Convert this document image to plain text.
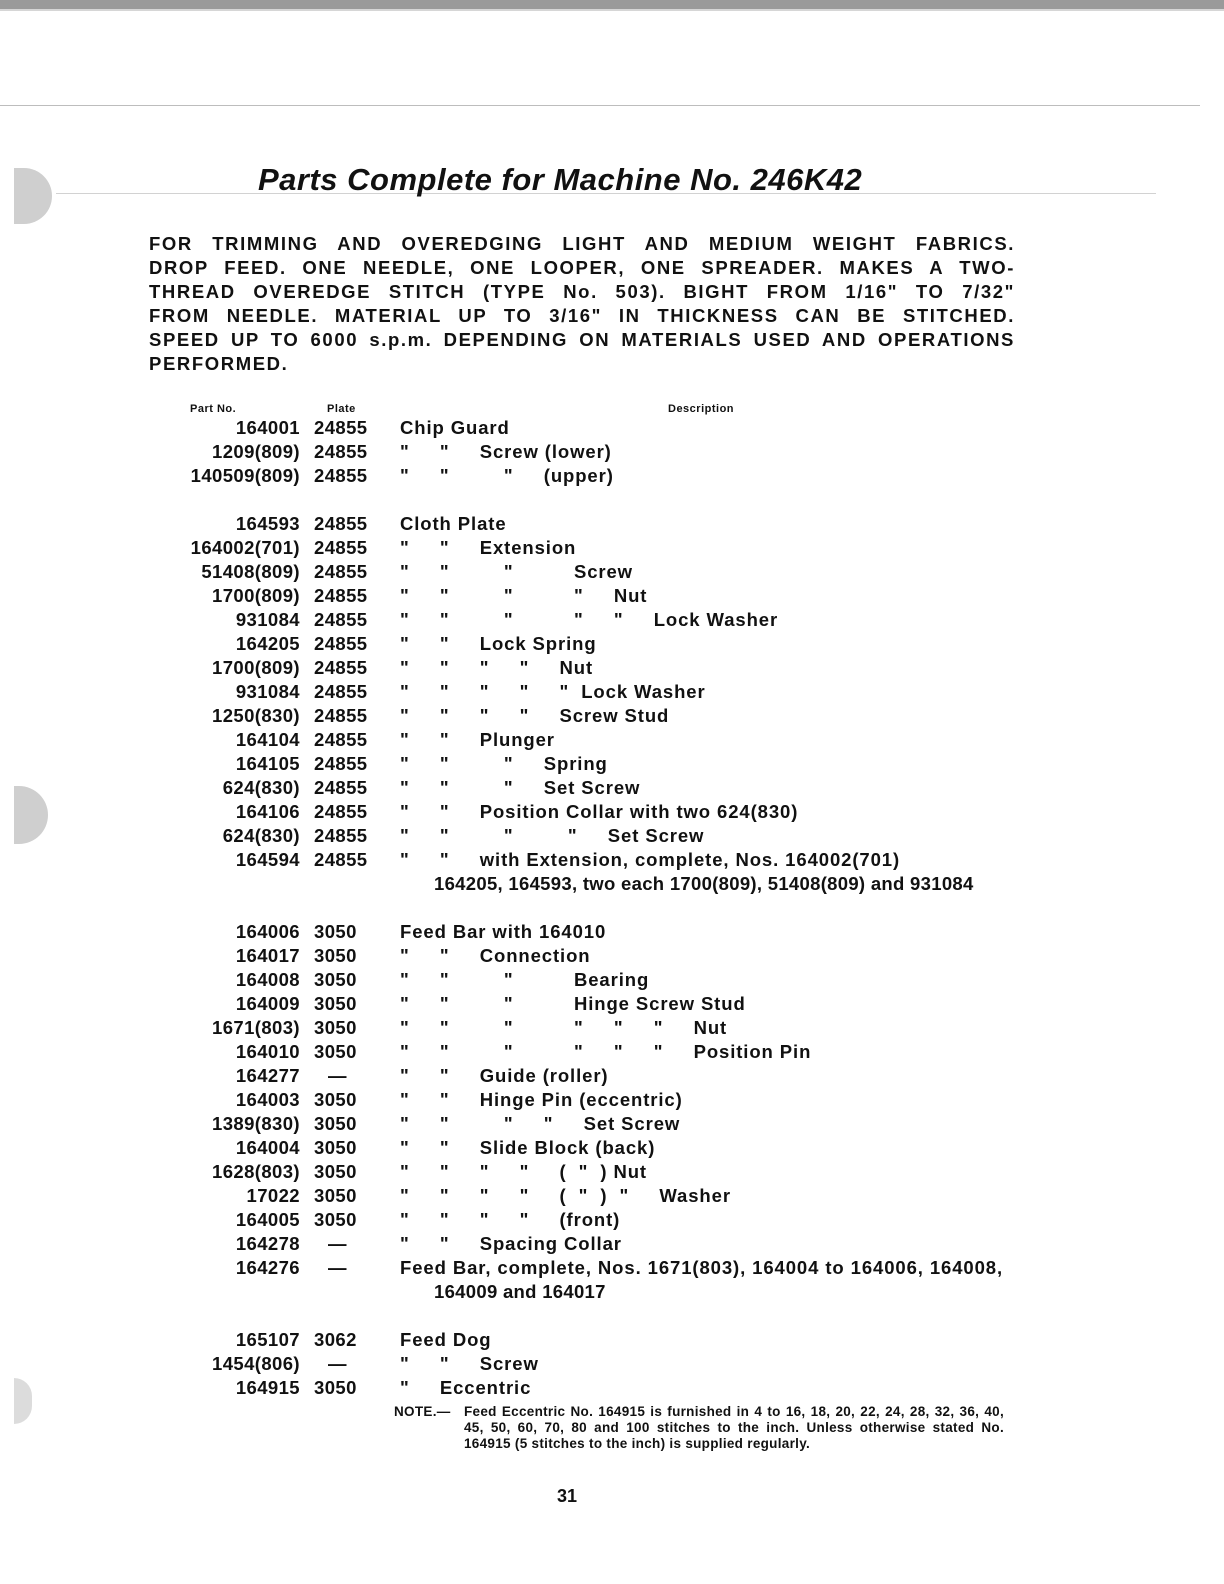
Parts Complete for Machine No. 246K42
FOR TRIMMING AND OVEREDGING LIGHT AND MEDIUM WEIGHT FABRICS.
DROP FEED. ONE NEEDLE, ONE LOOPER, ONE SPREADER. MAKES A TWO-
THREAD OVEREDGE STITCH (TYPE No. 503). BIGHT FROM 1/16" TO 7/32"
FROM NEEDLE. MATERIAL UP TO 3/16" IN THICKNESS CAN BE STITCHED.
SPEED UP TO 6000 s.p.m. DEPENDING ON MATERIALS USED AND OPERATIONS
PERFORMED.
Part No.	Plate	Description
164001 24855 Chip Guard
1209(809) 24855 "     "     Screw (lower)
140509(809) 24855 "     "         "     (upper)
164593 24855 Cloth Plate
164002(701) 24855 "     "     Extension
51408(809) 24855 "     "         "          Screw
1700(809) 24855 "     "         "          "     Nut
931084 24855 "     "         "          "     "     Lock Washer
164205 24855 "     "     Lock Spring
1700(809) 24855 "     "     "     "     Nut
931084 24855 "     "     "     "     "  Lock Washer
1250(830) 24855 "     "     "     "     Screw Stud
164104 24855 "     "     Plunger
164105 24855 "     "         "     Spring
624(830) 24855 "     "         "     Set Screw
164106 24855 "     "     Position Collar with two 624(830)
624(830) 24855 "     "         "         "     Set Screw
164594 24855 "     "     with Extension, complete, Nos. 164002(701)
164205, 164593, two each 1700(809), 51408(809) and 931084
164006 3050 Feed Bar with 164010
164017 3050 "     "     Connection
164008 3050 "     "         "          Bearing
164009 3050 "     "         "          Hinge Screw Stud
1671(803) 3050 "     "         "          "     "     "     Nut
164010 3050 "     "         "          "     "     "     Position Pin
164277 —	"     "     Guide (roller)
164003 3050 "     "     Hinge Pin (eccentric)
1389(830) 3050 "     "         "     "     Set Screw
164004 3050 "     "     Slide Block (back)
1628(803) 3050 "     "     "     "     (  "  ) Nut
17022 3050 "     "     "     "     (  "  )  "     Washer
164005 3050 "     "     "     "     (front)
164278 —	"     "     Spacing Collar
164276 —	Feed Bar, complete, Nos. 1671(803), 164004 to 164006, 164008,
164009 and 164017
165107 3062 Feed Dog
1454(806) —	"     "     Screw
164915 3050 "     Eccentric
NOTE.— Feed Eccentric No. 164915 is furnished in 4 to 16, 18, 20, 22, 24, 28, 32, 36, 40, 45, 50, 60, 70, 80 and 100 stitches to the inch. Unless otherwise stated No. 164915 (5 stitches to the inch) is supplied regularly.
31
